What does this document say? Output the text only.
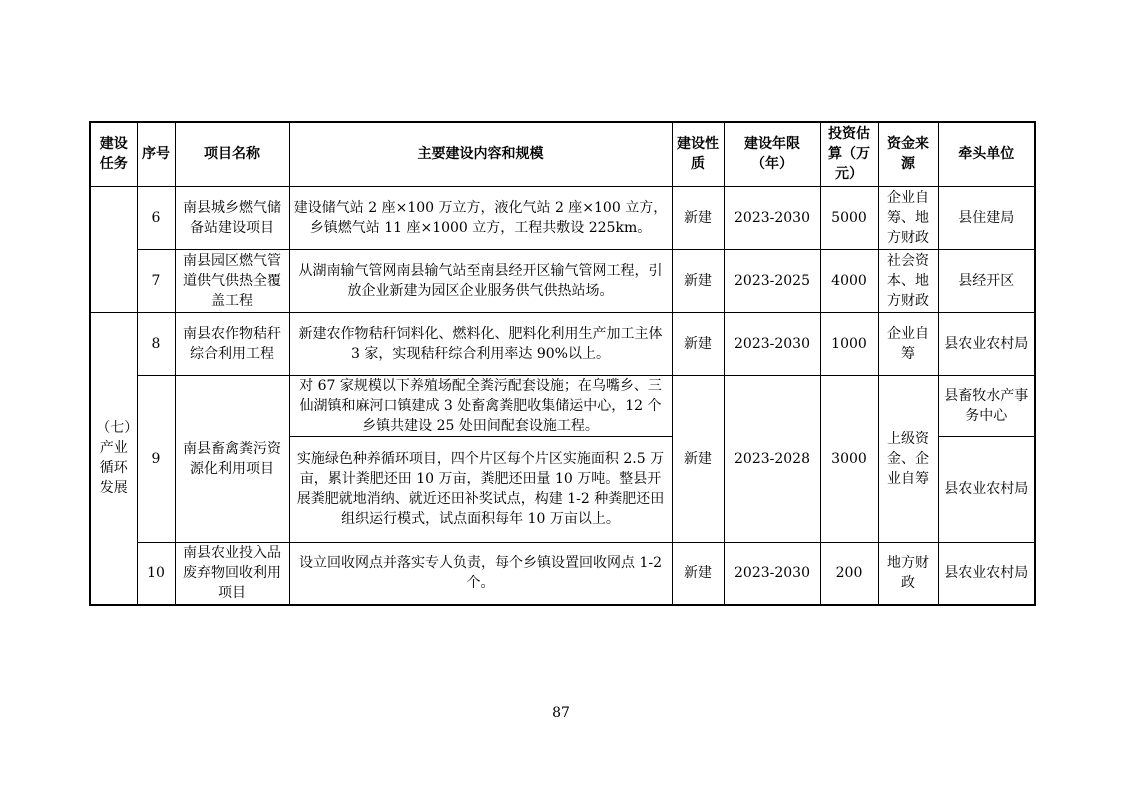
建设任务	序号	项目名称	主要建设内容和规模	建设性质	建设年限（年）	投资估算（万元）	资金来源	牵头单位
	6	南县城乡燃气储备站建设项目	建设储气站 2 座×100 万立方，液化气站 2 座×100 立方，乡镇燃气站 11 座×1000 立方，工程共敷设 225km。	新建	2023-2030	5000	企业自筹、地方财政	县住建局
	7	南县园区燃气管道供气供热全覆盖工程	从湖南输气管网南县输气站至南县经开区输气管网工程，引放企业新建为园区企业服务供气供热站场。	新建	2023-2025	4000	社会资本、地方财政	县经开区
（七）产业循环发展	8	南县农作物秸秆综合利用工程	新建农作物秸秆饲料化、燃料化、肥料化利用生产加工主体 3 家，实现秸秆综合利用率达 90%以上。	新建	2023-2030	1000	企业自筹	县农业农村局
	9	南县畜禽粪污资源化利用项目	对 67 家规模以下养殖场配全粪污配套设施；在乌嘴乡、三仙湖镇和麻河口镇建成 3 处畜禽粪肥收集储运中心，12 个乡镇共建设 25 处田间配套设施工程。	新建	2023-2028	3000	上级资金、企业自筹	县畜牧水产事务中心
			实施绿色种养循环项目，四个片区每个片区实施面积 2.5 万亩，累计粪肥还田 10 万亩，粪肥还田量 10 万吨。整县开展粪肥就地消纳、就近还田补奖试点，构建 1-2 种粪肥还田组织运行模式，试点面积每年 10 万亩以上。					县农业农村局
	10	南县农业投入品废弃物回收利用项目	设立回收网点并落实专人负责，每个乡镇设置回收网点 1-2 个。	新建	2023-2030	200	地方财政	县农业农村局
87
